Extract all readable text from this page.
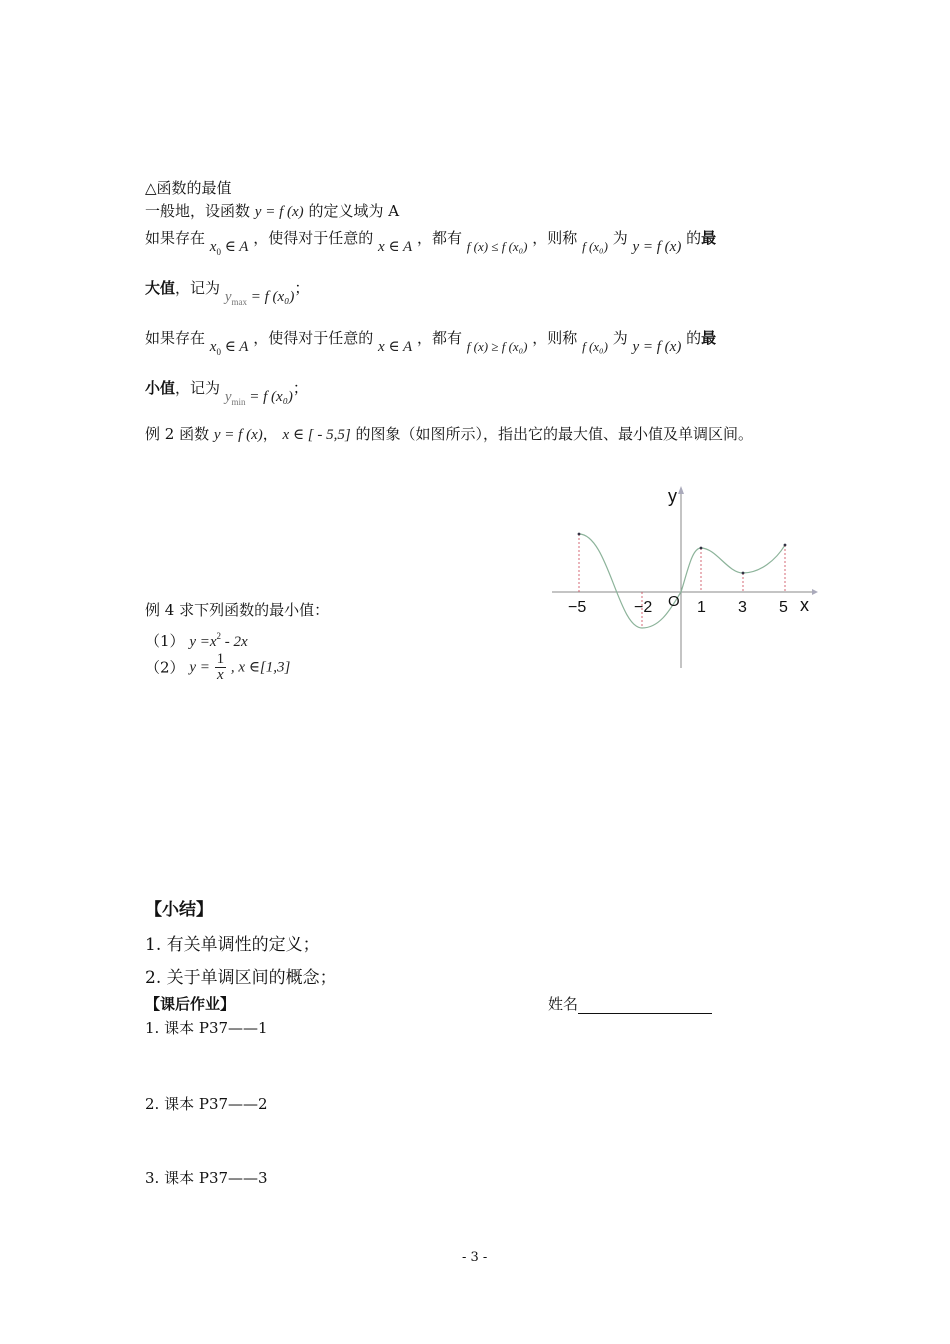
△函数的最值
一般地，设函数 y = f (x) 的定义域为 A
如果存在 $x_0$ ∈ A ，使得对于任意的 x ∈ A ，都有 f (x) ≤ f (x₀) ，则称 f (x₀) 为 y = f (x) 的最
大值，记为 $y_{max} = f$ (x₀)；
如果存在 $x_0$ ∈ A ，使得对于任意的 x ∈ A ，都有 f (x) ≥ f (x₀) ，则称 f (x₀) 为 y = f (x) 的最
小值，记为 $y_{min} = f$ (x₀)；
例 2 函数 y = f (x)， x ∈ [ - 5,5] 的图象（如图所示），指出它的最大值、最小值及单调区间。
y
x
O
−5	−2	1 3 5
例 4 求下列函数的最小值：
（1） $y =x^2 - 2x$
（2） $y = \frac{1}{x}$ , x ∈[1,3]
【小结】
1. 有关单调性的定义；
2. 关于单调区间的概念；
【课后作业】	姓名
1. 课本 P37——1
2. 课本 P37——2
3. 课本 P37——3
- 3 -
